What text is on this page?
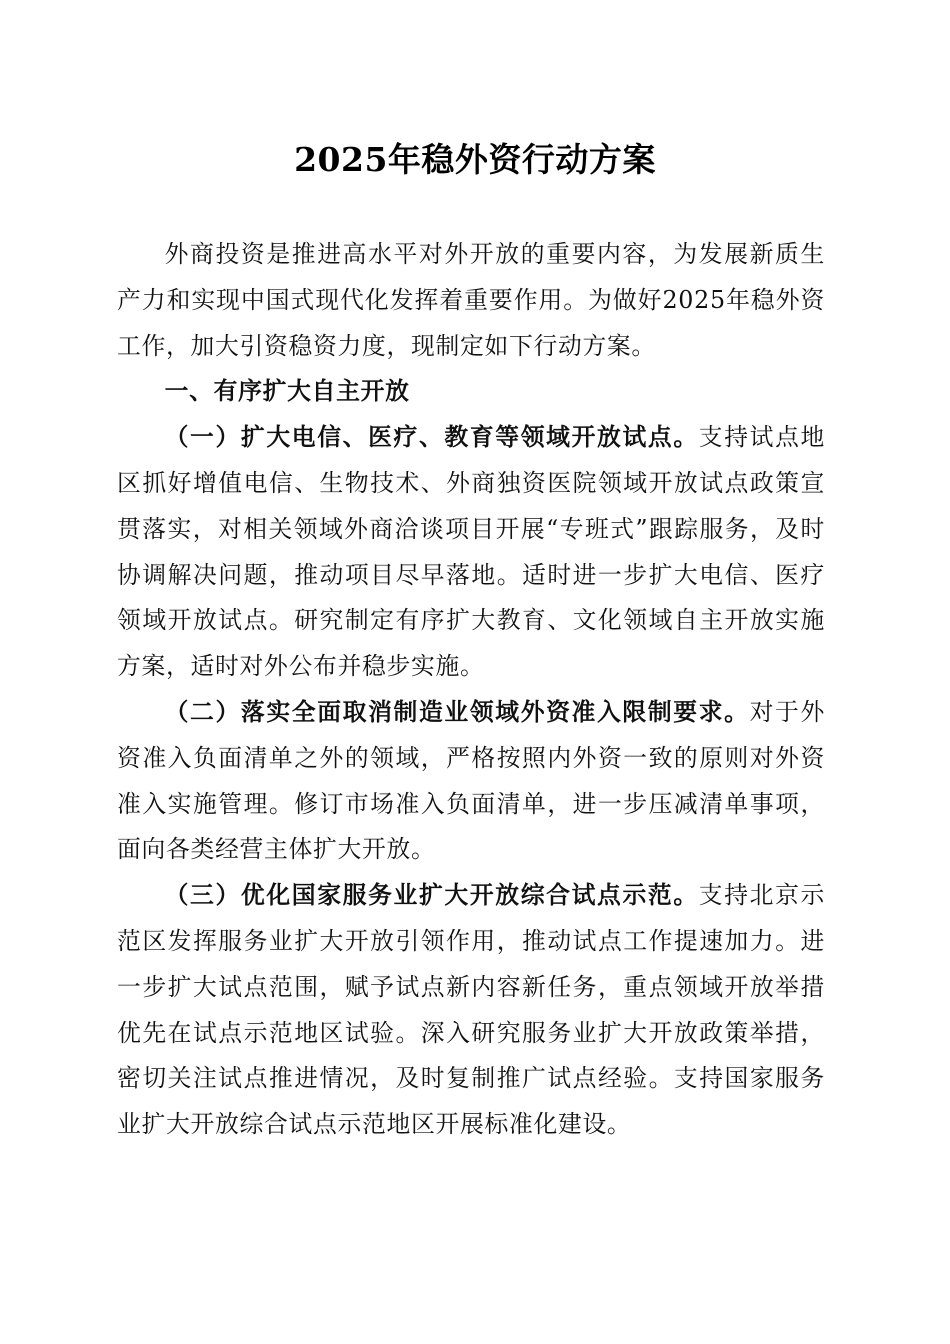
2025年稳外资行动方案

外商投资是推进高水平对外开放的重要内容，为发展新质生产力和实现中国式现代化发挥着重要作用。为做好2025年稳外资工作，加大引资稳资力度，现制定如下行动方案。

一、有序扩大自主开放

（一）扩大电信、医疗、教育等领域开放试点。支持试点地区抓好增值电信、生物技术、外商独资医院领域开放试点政策宣贯落实，对相关领域外商洽谈项目开展“专班式”跟踪服务，及时协调解决问题，推动项目尽早落地。适时进一步扩大电信、医疗领域开放试点。研究制定有序扩大教育、文化领域自主开放实施方案，适时对外公布并稳步实施。

（二）落实全面取消制造业领域外资准入限制要求。对于外资准入负面清单之外的领域，严格按照内外资一致的原则对外资准入实施管理。修订市场准入负面清单，进一步压减清单事项，面向各类经营主体扩大开放。

（三）优化国家服务业扩大开放综合试点示范。支持北京示范区发挥服务业扩大开放引领作用，推动试点工作提速加力。进一步扩大试点范围，赋予试点新内容新任务，重点领域开放举措优先在试点示范地区试验。深入研究服务业扩大开放政策举措，密切关注试点推进情况，及时复制推广试点经验。支持国家服务业扩大开放综合试点示范地区开展标准化建设。
